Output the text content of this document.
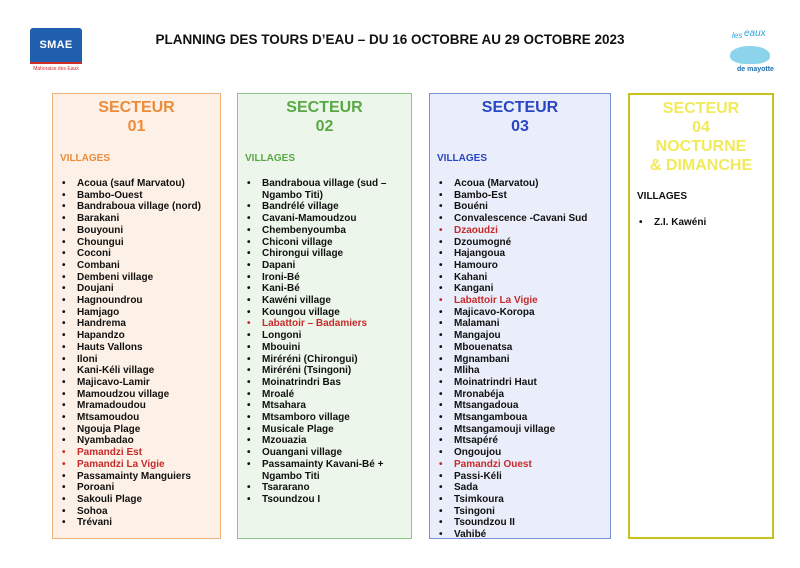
SMAE
Mahoraise des Eaux
PLANNING DES TOURS D’EAU – DU 16 OCTOBRE AU 29 OCTOBRE 2023	les eaux
de mayotte
SECTEUR
01
VILLAGES
• Acoua (sauf Marvatou)
• Bambo-Ouest
• Bandraboua village (nord)
• Barakani
• Bouyouni
• Choungui
• Coconi
• Combani
• Dembeni village
• Doujani
• Hagnoundrou
• Hamjago
• Handrema
• Hapandzo
• Hauts Vallons
• Iloni
• Kani-Kéli village
• Majicavo-Lamir
• Mamoudzou village
• Mramadoudou
• Mtsamoudou
• Ngouja Plage
• Nyambadao
• Pamandzi Est
• Pamandzi La Vigie
• Passamainty Manguiers
• Poroani
• Sakouli Plage
• Sohoa
• Trévani
SECTEUR
02
VILLAGES
• Bandraboua village (sud – Ngambo Titi)
• Bandrélé village
• Cavani-Mamoudzou
• Chembenyoumba
• Chiconi village
• Chirongui village
• Dapani
• Ironi-Bé
• Kani-Bé
• Kawéni village
• Koungou village
• Labattoir – Badamiers
• Longoni
• Mbouini
• Miréréni (Chirongui)
• Miréréni (Tsingoni)
• Moinatrindri Bas
• Mroalé
• Mtsahara
• Mtsamboro village
• Musicale Plage
• Mzouazia
• Ouangani village
• Passamainty Kavani-Bé + Ngambo Titi
• Tsararano
• Tsoundzou I
SECTEUR
03
VILLAGES
• Acoua (Marvatou)
• Bambo-Est
• Bouéni
• Convalescence -Cavani Sud
• Dzaoudzi
• Dzoumogné
• Hajangoua
• Hamouro
• Kahani
• Kangani
• Labattoir La Vigie
• Majicavo-Koropa
• Malamani
• Mangajou
• Mbouenatsa
• Mgnambani
• Mliha
• Moinatrindri Haut
• Mronabéja
• Mtsangadoua
• Mtsangamboua
• Mtsangamouji village
• Mtsapéré
• Ongoujou
• Pamandzi Ouest
• Passi-Kéli
• Sada
• Tsimkoura
• Tsingoni
• Tsoundzou II
• Vahibé
SECTEUR
04
NOCTURNE
& DIMANCHE
VILLAGES
• Z.I. Kawéni
